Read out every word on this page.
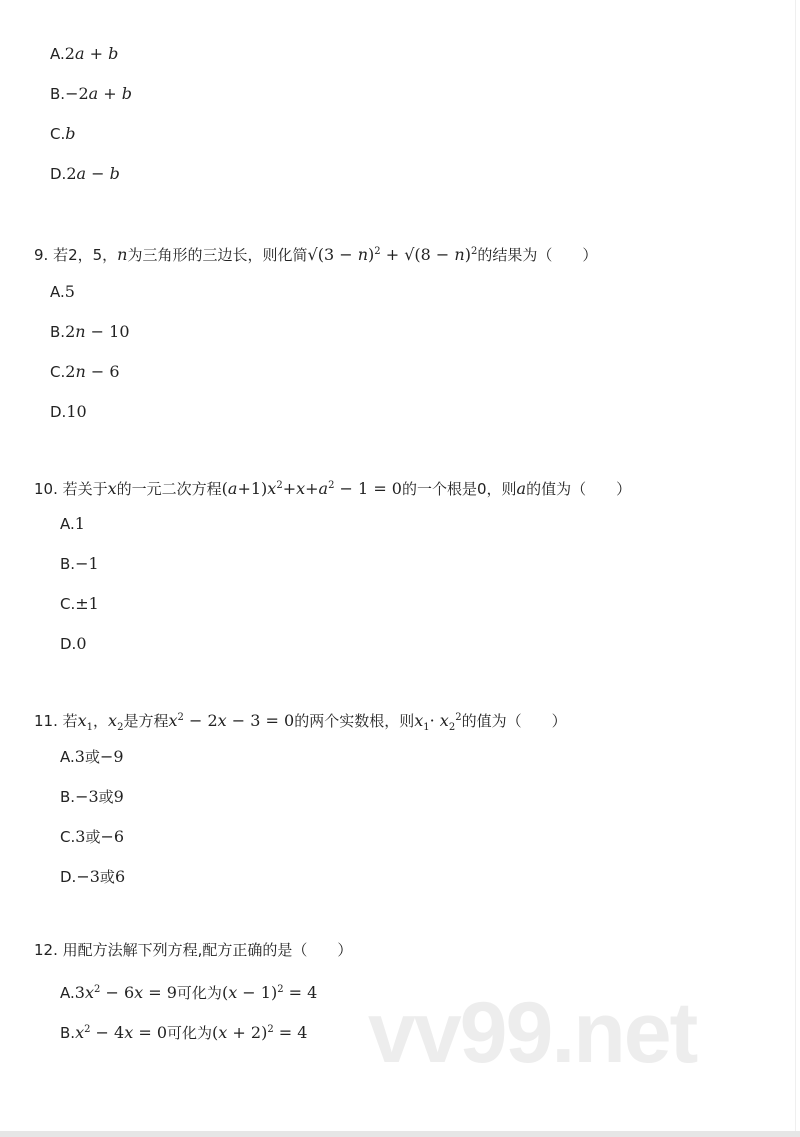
A.2a + b
B.−2a + b
C.b
D.2a − b
9. 若2，5，n为三角形的三边长，则化简$√(3 - n)^2 + √(8 - n)^2$的结果为（　　）
A.5
B.2n − 10
C.2n − 6
D.10
10. 若关于x的一元二次方程$(a+1)x^2+x+a^2 - 1 = 0$的一个根是0，则a的值为（　　）
A.1
B.−1
C.±1
D.0
11. 若$x_1$，$x_2$是方程$x^2 - 2x - 3 = 0$的两个实数根，则$x_1\cdot x_2^2$的值为（　　）
A.3或−9
B.−3或9
C.3或−6
D.−3或6
12. 用配方法解下列方程,配方正确的是（　　）
$A.3x^2 - 6x = 9$可化为$(x - 1)^2 = 4$
$B.x^2 - 4x = 0$可化为$(x + 2)^2 = 4$ vv99.net
